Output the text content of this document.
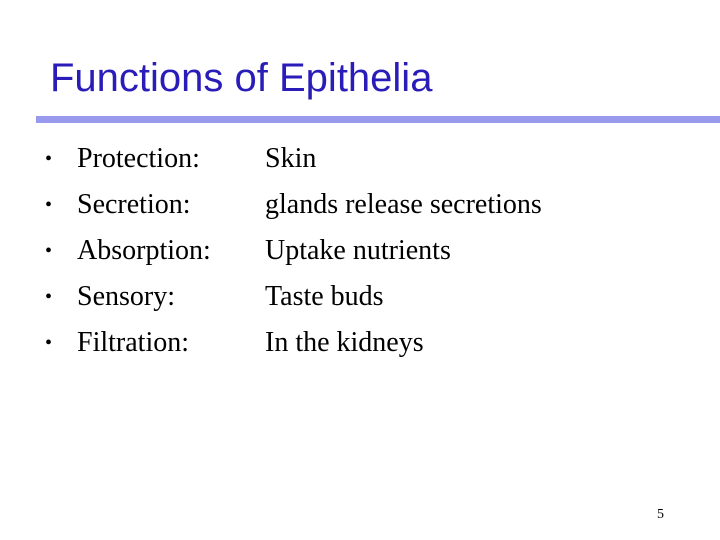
Functions of Epithelia
• Protection: Skin
• Secretion:	glands release secretions
• Absorption: Uptake nutrients
• Sensory:	Taste buds
• Filtration:	In the kidneys
5
